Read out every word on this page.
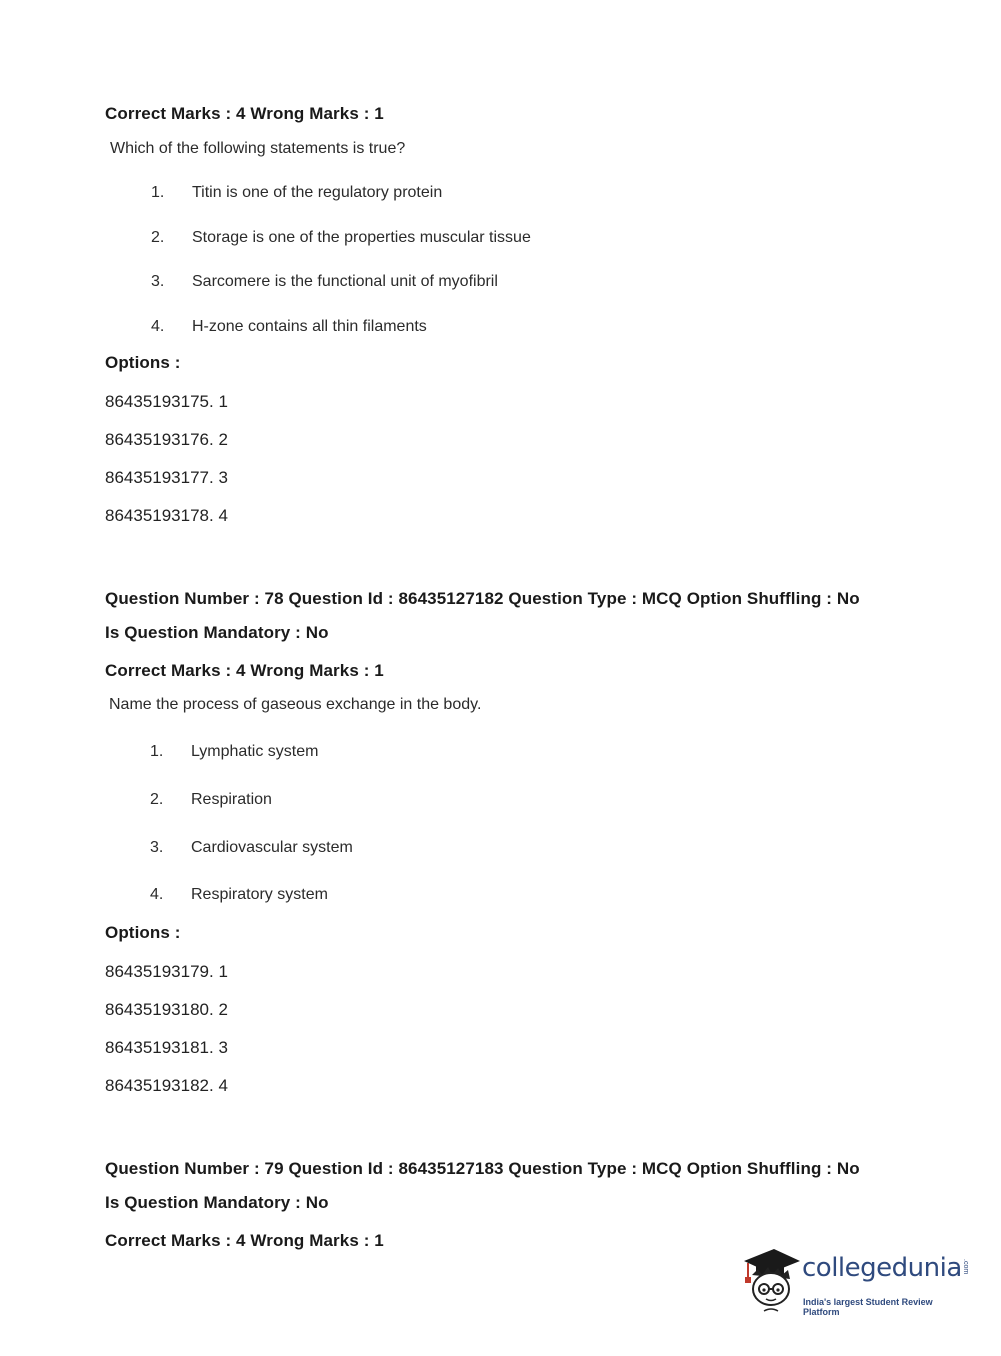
Correct Marks : 4 Wrong Marks : 1
Which of the following statements is true?
1.	Titin is one of the regulatory protein
2.	Storage is one of the properties muscular tissue
3.	Sarcomere is the functional unit of myofibril
4.	H-zone contains all thin filaments
Options :
86435193175. 1
86435193176. 2
86435193177. 3
86435193178. 4
Question Number : 78 Question Id : 86435127182 Question Type : MCQ Option Shuffling : No
Is Question Mandatory : No
Correct Marks : 4 Wrong Marks : 1
Name the process of gaseous exchange in the body.
1.	Lymphatic system
2.	Respiration
3.	Cardiovascular system
4.	Respiratory system
Options :
86435193179. 1
86435193180. 2
86435193181. 3
86435193182. 4
Question Number : 79 Question Id : 86435127183 Question Type : MCQ Option Shuffling : No
Is Question Mandatory : No
Correct Marks : 4 Wrong Marks : 1
collegedunia .com
India's largest Student Review Platform
